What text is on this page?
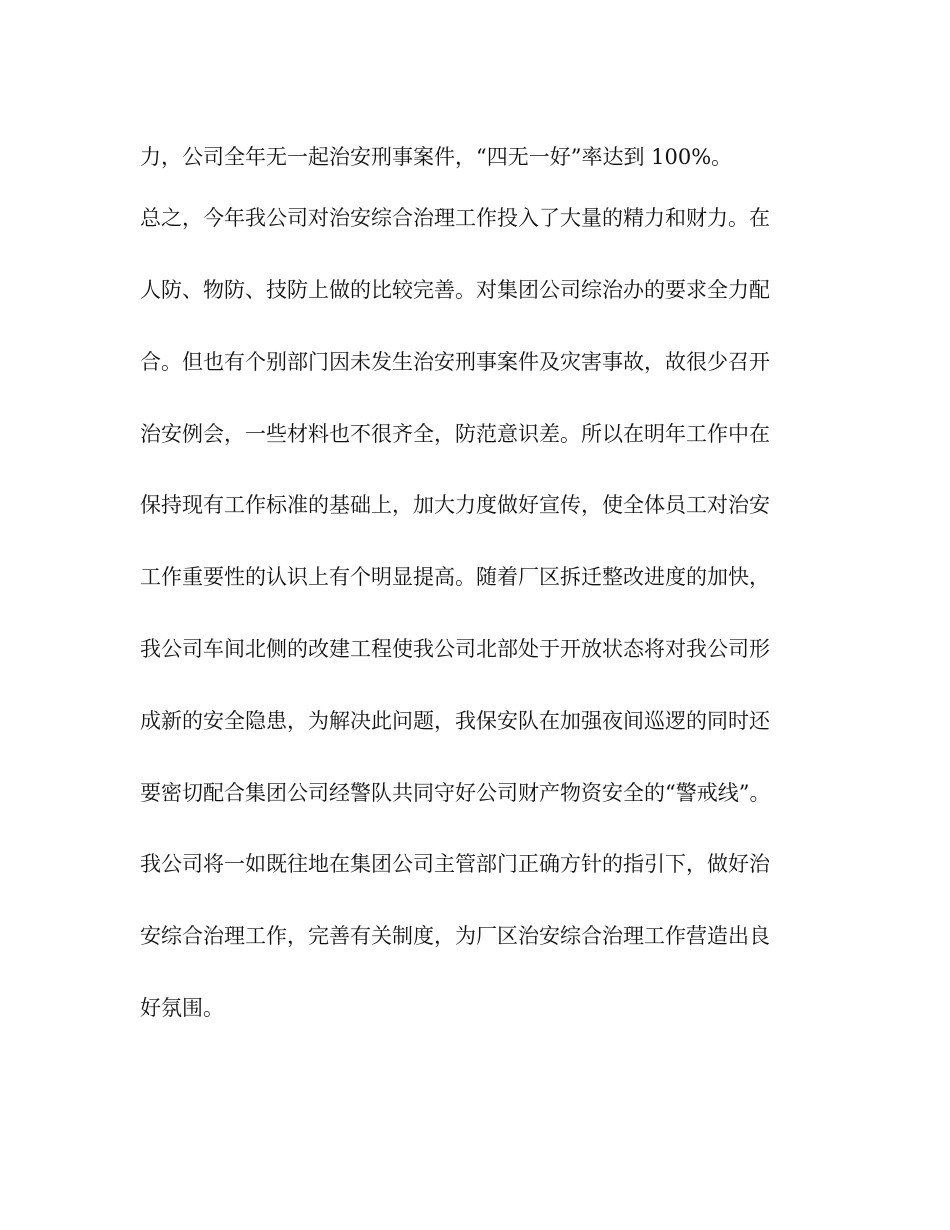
力，公司全年无一起治安刑事案件，“四无一好”率达到 100%。

总之，今年我公司对治安综合治理工作投入了大量的精力和财力。在

人防、物防、技防上做的比较完善。对集团公司综治办的要求全力配

合。但也有个别部门因未发生治安刑事案件及灾害事故，故很少召开

治安例会，一些材料也不很齐全，防范意识差。所以在明年工作中在

保持现有工作标准的基础上，加大力度做好宣传，使全体员工对治安

工作重要性的认识上有个明显提高。随着厂区拆迁整改进度的加快，

我公司车间北侧的改建工程使我公司北部处于开放状态将对我公司形

成新的安全隐患，为解决此问题，我保安队在加强夜间巡逻的同时还

要密切配合集团公司经警队共同守好公司财产物资安全的“警戒线”。

我公司将一如既往地在集团公司主管部门正确方针的指引下，做好治

安综合治理工作，完善有关制度，为厂区治安综合治理工作营造出良

好氛围。
